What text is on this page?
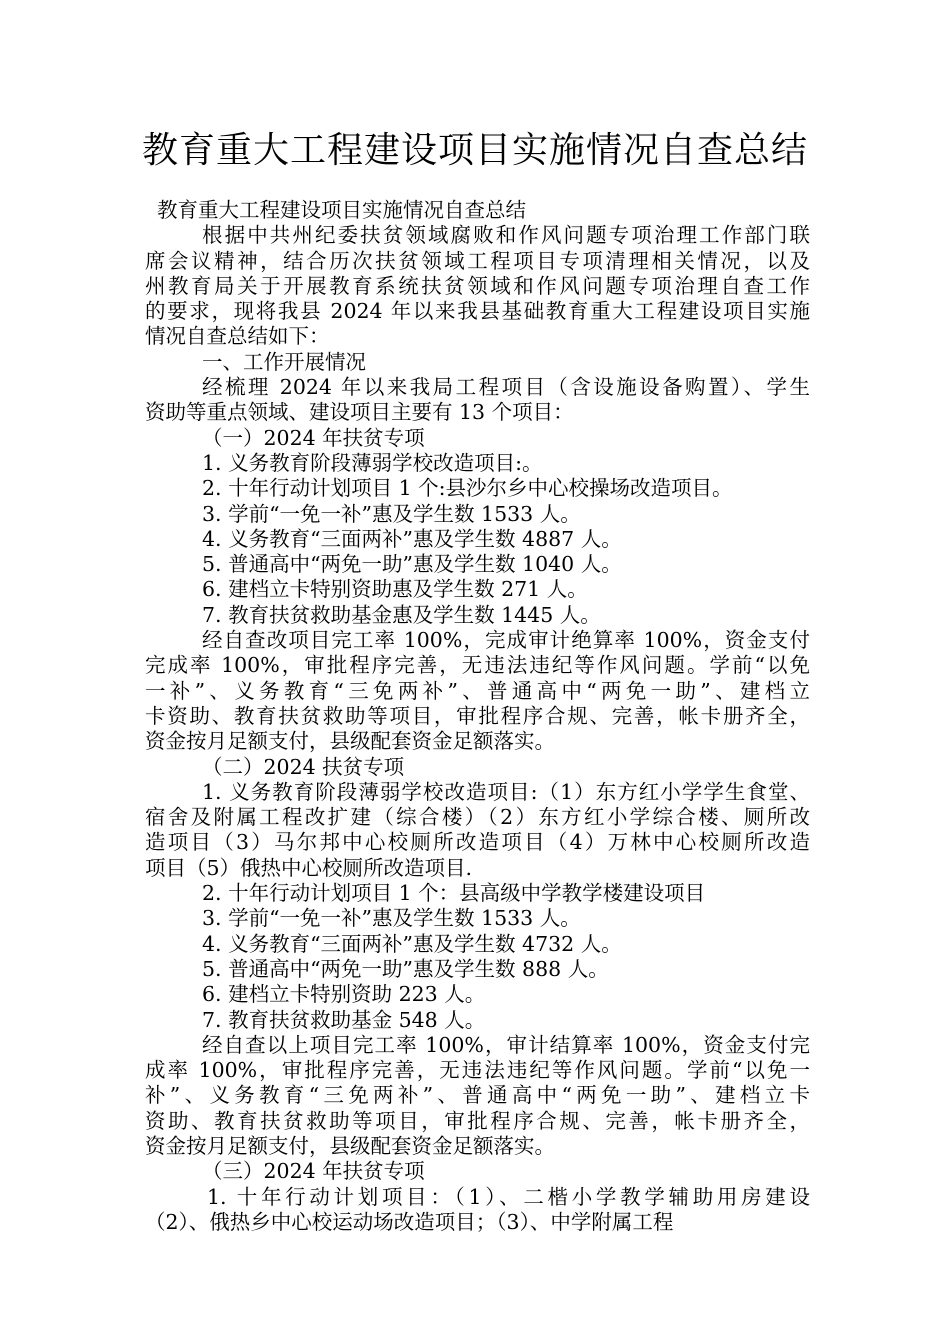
教育重大工程建设项目实施情况自查总结
教育重大工程建设项目实施情况自查总结
根据中共州纪委扶贫领域腐败和作风问题专项治理工作部门联
席会议精神，结合历次扶贫领域工程项目专项清理相关情况，以及
州教育局关于开展教育系统扶贫领域和作风问题专项治理自查工作
的要求，现将我县 2024 年以来我县基础教育重大工程建设项目实施
情况自查总结如下：
一、工作开展情况
经梳理 2024 年以来我局工程项目（含设施设备购置）、学生
资助等重点领域、建设项目主要有 13 个项目：
（一）2024 年扶贫专项
1. 义务教育阶段薄弱学校改造项目:。
2. 十年行动计划项目 1 个:县沙尔乡中心校操场改造项目。
3. 学前“一免一补”惠及学生数 1533 人。
4. 义务教育“三面两补”惠及学生数 4887 人。
5. 普通高中“两免一助”惠及学生数 1040 人。
6. 建档立卡特别资助惠及学生数 271 人。
7. 教育扶贫救助基金惠及学生数 1445 人。
经自查改项目完工率 100%，完成审计绝算率 100%，资金支付
完成率 100%，审批程序完善，无违法违纪等作风问题。学前“以免
一补”、义务教育“三免两补”、普通高中“两免一助”、建档立
卡资助、教育扶贫救助等项目，审批程序合规、完善，帐卡册齐全，
资金按月足额支付，县级配套资金足额落实。
（二）2024 扶贫专项
1. 义务教育阶段薄弱学校改造项目:（1）东方红小学学生食堂、
宿舍及附属工程改扩建（综合楼）（2）东方红小学综合楼、厕所改
造项目（3）马尔邦中心校厕所改造项目（4）万林中心校厕所改造
项目（5）俄热中心校厕所改造项目.
2. 十年行动计划项目 1 个：县高级中学教学楼建设项目
3. 学前“一免一补”惠及学生数 1533 人。
4. 义务教育“三面两补”惠及学生数 4732 人。
5. 普通高中“两免一助”惠及学生数 888 人。
6. 建档立卡特别资助 223 人。
7. 教育扶贫救助基金 548 人。
经自查以上项目完工率 100%，审计结算率 100%，资金支付完
成率 100%，审批程序完善，无违法违纪等作风问题。学前“以免一
补”、义务教育“三免两补”、普通高中“两免一助”、建档立卡
资助、教育扶贫救助等项目，审批程序合规、完善，帐卡册齐全，
资金按月足额支付，县级配套资金足额落实。
（三）2024 年扶贫专项
1. 十年行动计划项目：（1）、二楷小学教学辅助用房建设
（2）、俄热乡中心校运动场改造项目；（3）、中学附属工程
